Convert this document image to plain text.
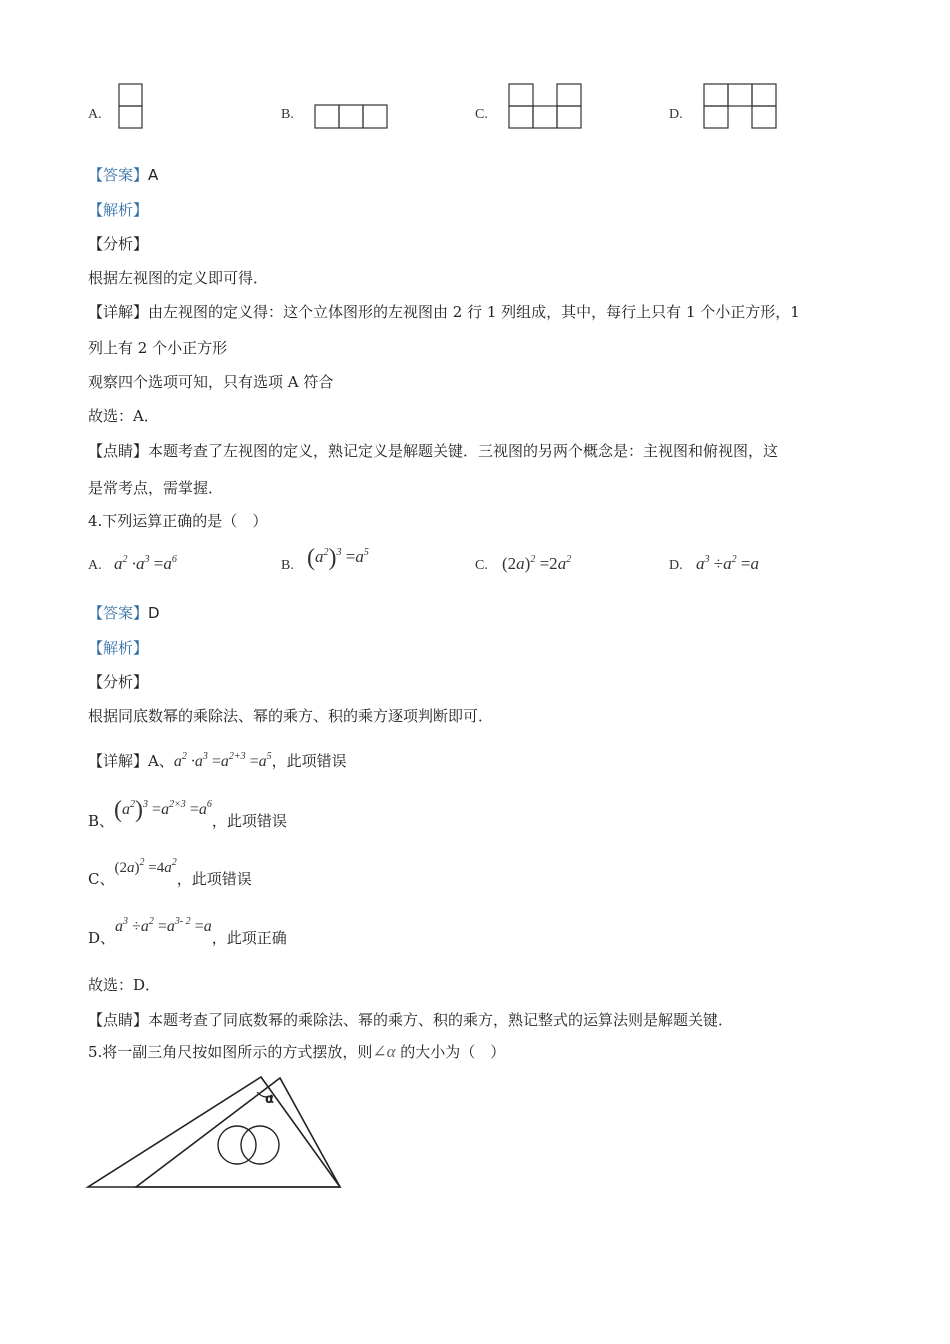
A.	B.	C.	D.
【答案】A
【解析】
【分析】
根据左视图的定义即可得．
【详解】由左视图的定义得：这个立体图形的左视图由 2 行 1 列组成，其中，每行上只有 1 个小正方形，1
列上有 2 个小正方形
观察四个选项可知，只有选项 A 符合
故选：A．
【点睛】本题考查了左视图的定义，熟记定义是解题关键．三视图的另两个概念是：主视图和俯视图，这
是常考点，需掌握．
4.下列运算正确的是（　）
A. $a^2 \cdot a^3 =a^6$	B. $(a^2)^3 =a^5$
C. $(2a)^2 =2a^2$	D. $a^3 \div a^2 =a$
【答案】D
【解析】
【分析】
根据同底数幂的乘除法、幂的乘方、积的乘方逐项判断即可．
【详解】A、$a^2 \cdot a^3 =a^{2+3} =a^5$，此项错误
B、$(a^2)^3 =a^{2\times 3} =a^6$，此项错误
C、$(2a)^2 =4a^2$，此项错误
D、$a^3 \div a^2 =a^{3- 2} =a$，此项正确
故选：D．
【点睛】本题考查了同底数幂的乘除法、幂的乘方、积的乘方，熟记整式的运算法则是解题关键．
5.将一副三角尺按如图所示的方式摆放，则∠α 的大小为（　）
α
